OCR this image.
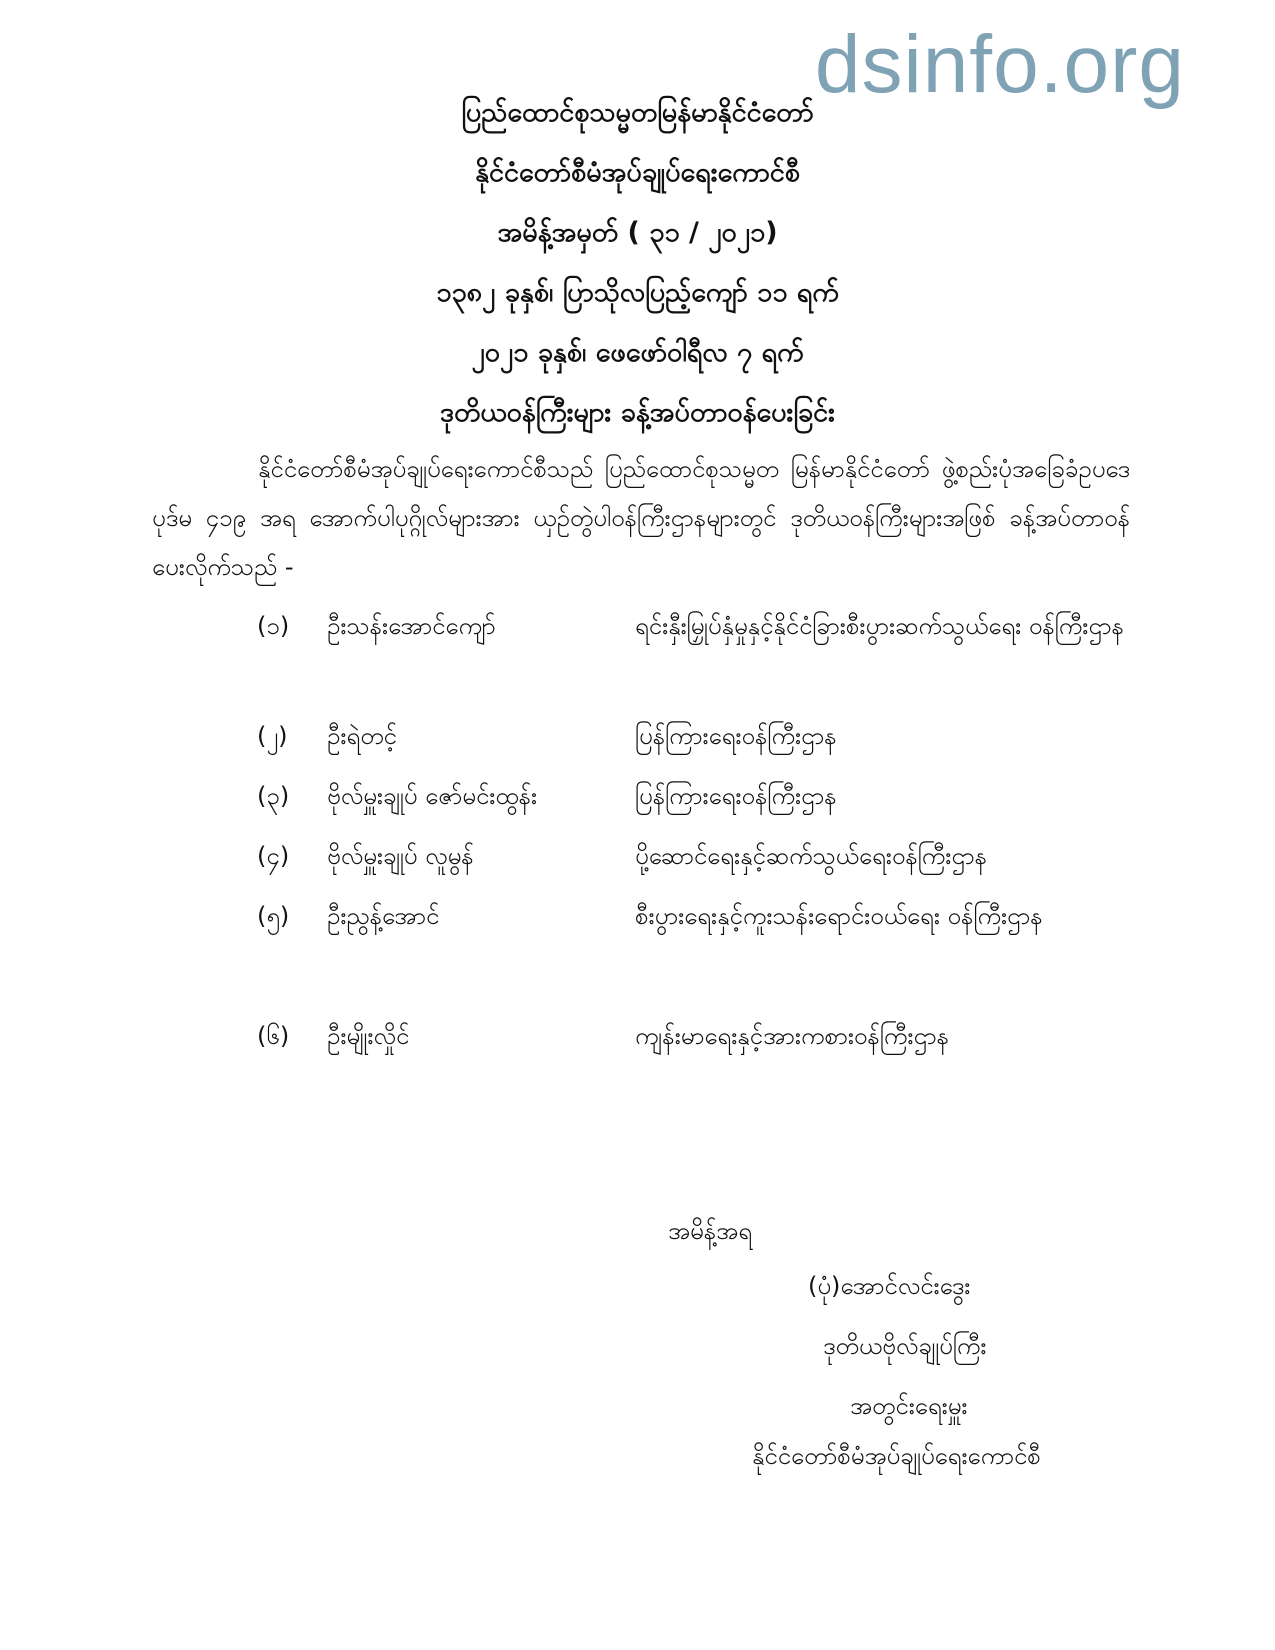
dsinfo.org
ပြည်ထောင်စုသမ္မတမြန်မာနိုင်ငံတော်
နိုင်ငံတော်စီမံအုပ်ချုပ်ရေးကောင်စီ
အမိန့်အမှတ် ( ၃၁ / ၂၀၂၁)
၁၃၈၂ ခုနှစ်၊ ပြာသိုလပြည့်ကျော် ၁၁ ရက်
၂၀၂၁ ခုနှစ်၊ ဖေဖော်ဝါရီလ ၇ ရက်
ဒုတိယဝန်ကြီးများ ခန့်အပ်တာဝန်ပေးခြင်း
နိုင်ငံတော်စီမံအုပ်ချုပ်ရေးကောင်စီသည် ပြည်ထောင်စုသမ္မတ မြန်မာနိုင်ငံတော် ဖွဲ့စည်းပုံအခြေခံဥပဒေပုဒ်မ ၄၁၉ အရ အောက်ပါပုဂ္ဂိုလ်များအား ယှဉ်တွဲပါဝန်ကြီးဌာနများတွင် ဒုတိယဝန်ကြီးများအဖြစ် ခန့်အပ်တာဝန်ပေးလိုက်သည် -
(၁) ဦးသန်းအောင်ကျော်	ရင်းနှီးမြှုပ်နှံမှုနှင့်နိုင်ငံခြားစီးပွားဆက်သွယ်ရေး ဝန်ကြီးဌာန
(၂) ဦးရဲတင့်	ပြန်ကြားရေးဝန်ကြီးဌာန
(၃) ဗိုလ်မှူးချုပ် ဇော်မင်းထွန်း	ပြန်ကြားရေးဝန်ကြီးဌာန
(၄) ဗိုလ်မှူးချုပ် လူမွန်	ပို့ဆောင်ရေးနှင့်ဆက်သွယ်ရေးဝန်ကြီးဌာန
(၅) ဦးညွန့်အောင်	စီးပွားရေးနှင့်ကူးသန်းရောင်းဝယ်ရေး ဝန်ကြီးဌာန
(၆) ဦးမျိုးလှိုင်	ကျန်းမာရေးနှင့်အားကစားဝန်ကြီးဌာန
အမိန့်အရ
(ပုံ)အောင်လင်းဒွေး
ဒုတိယဗိုလ်ချုပ်ကြီး
အတွင်းရေးမှူး
နိုင်ငံတော်စီမံအုပ်ချုပ်ရေးကောင်စီ
